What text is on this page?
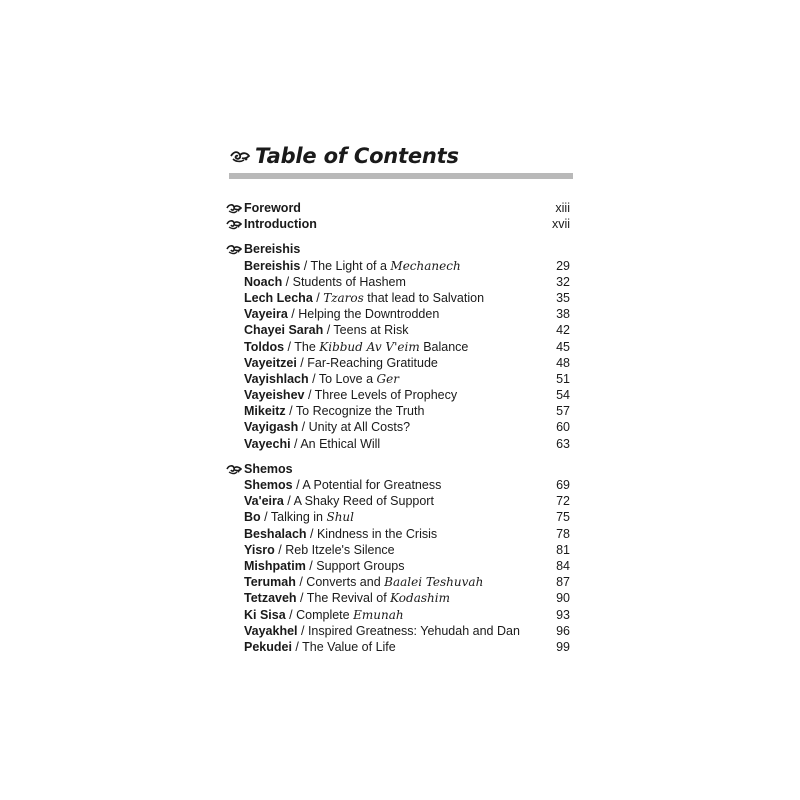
Table of Contents
Foreword	xiii
Introduction	xvii
Bereishis
Bereishis / The Light of a Mechanech	29
Noach / Students of Hashem	32
Lech Lecha / Tzaros that lead to Salvation	35
Vayeira / Helping the Downtrodden	38
Chayei Sarah / Teens at Risk	42
Toldos / The Kibbud Av V'eim Balance	45
Vayeitzei / Far-Reaching Gratitude	48
Vayishlach / To Love a Ger	51
Vayeishev / Three Levels of Prophecy	54
Mikeitz / To Recognize the Truth	57
Vayigash / Unity at All Costs?	60
Vayechi / An Ethical Will	63
Shemos
Shemos / A Potential for Greatness	69
Va'eira / A Shaky Reed of Support	72
Bo / Talking in Shul	75
Beshalach / Kindness in the Crisis	78
Yisro / Reb Itzele's Silence	81
Mishpatim / Support Groups	84
Terumah / Converts and Baalei Teshuvah	87
Tetzaveh / The Revival of Kodashim	90
Ki Sisa / Complete Emunah	93
Vayakhel / Inspired Greatness: Yehudah and Dan	96
Pekudei / The Value of Life	99
